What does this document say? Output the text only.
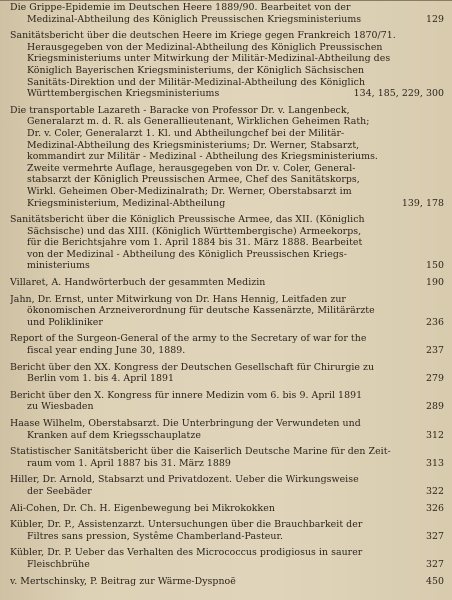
Die Grippe-Epidemie im Deutschen Heere 1889/90. Bearbeitet von der
Medizinal-Abtheilung des Königlich Preussischen Kriegsministeriums	129
Sanitätsbericht über die deutschen Heere im Kriege gegen Frankreich 1870/71.
Herausgegeben von der Medizinal-Abtheilung des Königlich Preussischen
Kriegsministeriums unter Mitwirkung der Militär-Medizinal-Abtheilung des
Königlich Bayerischen Kriegsministeriums, der Königlich Sächsischen
Sanitäts-Direktion und der Militär-Medizinal-Abtheilung des Königlich
Württembergischen Kriegsministeriums	134, 185, 229, 300
Die transportable Lazareth - Baracke von Professor Dr. v. Langenbeck,
Generalarzt m. d. R. als Generallieutenant, Wirklichen Geheimen Rath;
Dr. v. Coler, Generalarzt 1. Kl. und Abtheilungchef bei der Militär-
Medizinal-Abtheilung des Kriegsministeriums; Dr. Werner, Stabsarzt,
kommandirt zur Militär - Medizinal - Abtheilung des Kriegsministeriums.
Zweite vermehrte Auflage, herausgegeben von Dr. v. Coler, General-
stabsarzt der Königlich Preussischen Armee, Chef des Sanitätskorps,
Wirkl. Geheimen Ober-Medizinalrath; Dr. Werner, Oberstabsarzt im
Kriegsministerium, Medizinal-Abtheilung	139, 178
Sanitätsbericht über die Königlich Preussische Armee, das XII. (Königlich
Sächsische) und das XIII. (Königlich Württembergische) Armeekorps,
für die Berichtsjahre vom 1. April 1884 bis 31. März 1888. Bearbeitet
von der Medizinal - Abtheilung des Königlich Preussischen Kriegs-
ministeriums	150
Villaret, A. Handwörterbuch der gesammten Medizin	190
Jahn, Dr. Ernst, unter Mitwirkung von Dr. Hans Hennig, Leitfaden zur
ökonomischen Arzneiverordnung für deutsche Kassenärzte, Militärärzte
und Polikliniker	236
Report of the Surgeon-General of the army to the Secretary of war for the
fiscal year ending June 30, 1889.	237
Bericht über den XX. Kongress der Deutschen Gesellschaft für Chirurgie zu
Berlin vom 1. bis 4. April 1891	279
Bericht über den X. Kongress für innere Medizin vom 6. bis 9. April 1891
zu Wiesbaden	289
Haase Wilhelm, Oberstabsarzt. Die Unterbringung der Verwundeten und
Kranken auf dem Kriegsschauplatze	312
Statistischer Sanitätsbericht über die Kaiserlich Deutsche Marine für den Zeit-
raum vom 1. April 1887 bis 31. März 1889	313
Hiller, Dr. Arnold, Stabsarzt und Privatdozent. Ueber die Wirkungsweise
der Seebäder	322
Ali-Cohen, Dr. Ch. H. Eigenbewegung bei Mikrokokken	326
Kübler, Dr. P., Assistenzarzt. Untersuchungen über die Brauchbarkeit der
Filtres sans pression, Systême Chamberland-Pasteur.	327
Kübler, Dr. P. Ueber das Verhalten des Micrococcus prodigiosus in saurer
Fleischbrühe	327
v. Mertschinsky, P. Beitrag zur Wärme-Dyspnoë	450
